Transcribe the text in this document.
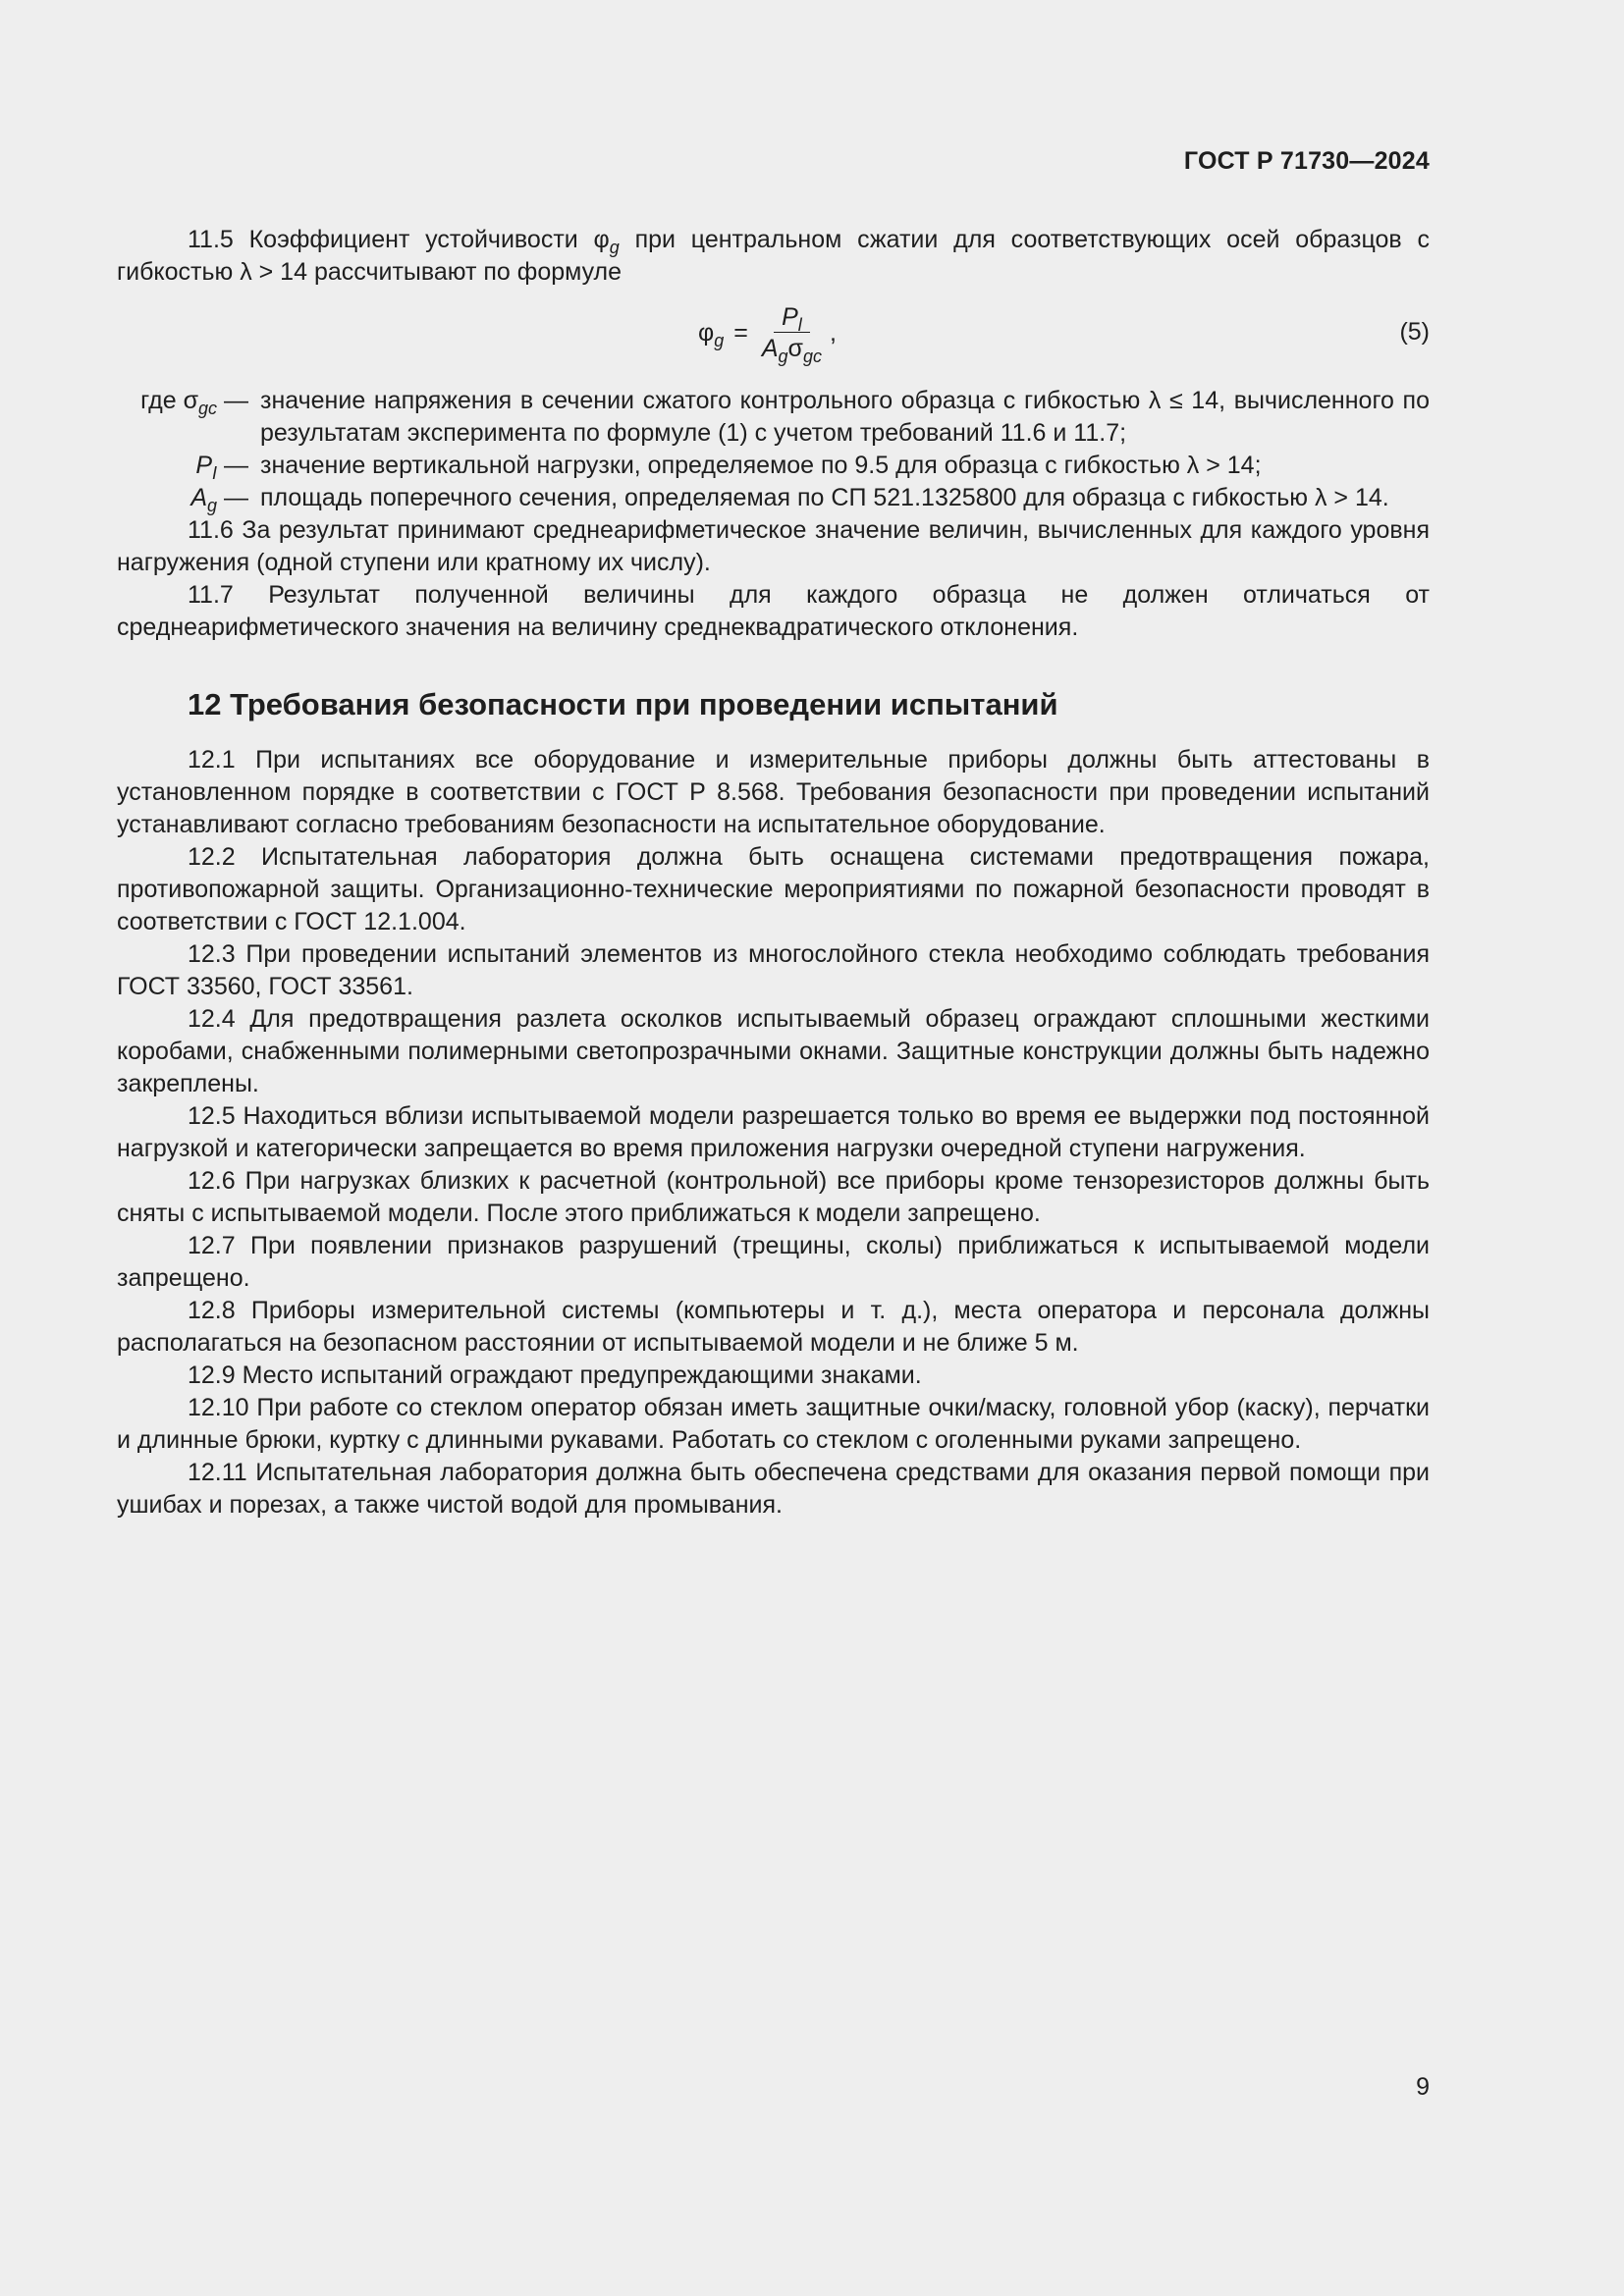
ГОСТ Р 71730—2024

11.5 Коэффициент устойчивости $\varphi_g$ при центральном сжатии для соответствующих осей образцов с гибкостью λ > 14 рассчитывают по формуле

$\varphi_g = \frac{P_l}{A_g\sigma_{gc}}$ ,	(5)
где $\sigma_{gc}$ — значение напряжения в сечении сжатого контрольного образца с гибкостью λ ≤ 14, вычисленного по результатам эксперимента по формуле (1) с учетом требований 11.6 и 11.7;
$P_I$ — значение вертикальной нагрузки, определяемое по 9.5 для образца с гибкостью λ > 14;
$A_g$ — площадь поперечного сечения, определяемая по СП 521.1325800 для образца с гибкостью λ > 14.

11.6 За результат принимают среднеарифметическое значение величин, вычисленных для каждого уровня нагружения (одной ступени или кратному их числу).

11.7 Результат полученной величины для каждого образца не должен отличаться от среднеарифметического значения на величину среднеквадратического отклонения.

12 Требования безопасности при проведении испытаний

12.1 При испытаниях все оборудование и измерительные приборы должны быть аттестованы в установленном порядке в соответствии с ГОСТ Р 8.568. Требования безопасности при проведении испытаний устанавливают согласно требованиям безопасности на испытательное оборудование.

12.2 Испытательная лаборатория должна быть оснащена системами предотвращения пожара, противопожарной защиты. Организационно-технические мероприятиями по пожарной безопасности проводят в соответствии с ГОСТ 12.1.004.

12.3 При проведении испытаний элементов из многослойного стекла необходимо соблюдать требования ГОСТ 33560, ГОСТ 33561.

12.4 Для предотвращения разлета осколков испытываемый образец ограждают сплошными жесткими коробами, снабженными полимерными светопрозрачными окнами. Защитные конструкции должны быть надежно закреплены.

12.5 Находиться вблизи испытываемой модели разрешается только во время ее выдержки под постоянной нагрузкой и категорически запрещается во время приложения нагрузки очередной ступени нагружения.

12.6 При нагрузках близких к расчетной (контрольной) все приборы кроме тензорезисторов должны быть сняты с испытываемой модели. После этого приближаться к модели запрещено.

12.7 При появлении признаков разрушений (трещины, сколы) приближаться к испытываемой модели запрещено.

12.8 Приборы измерительной системы (компьютеры и т. д.), места оператора и персонала должны располагаться на безопасном расстоянии от испытываемой модели и не ближе 5 м.

12.9 Место испытаний ограждают предупреждающими знаками.

12.10 При работе со стеклом оператор обязан иметь защитные очки/маску, головной убор (каску), перчатки и длинные брюки, куртку с длинными рукавами. Работать со стеклом с оголенными руками запрещено.

12.11 Испытательная лаборатория должна быть обеспечена средствами для оказания первой помощи при ушибах и порезах, а также чистой водой для промывания.

9
